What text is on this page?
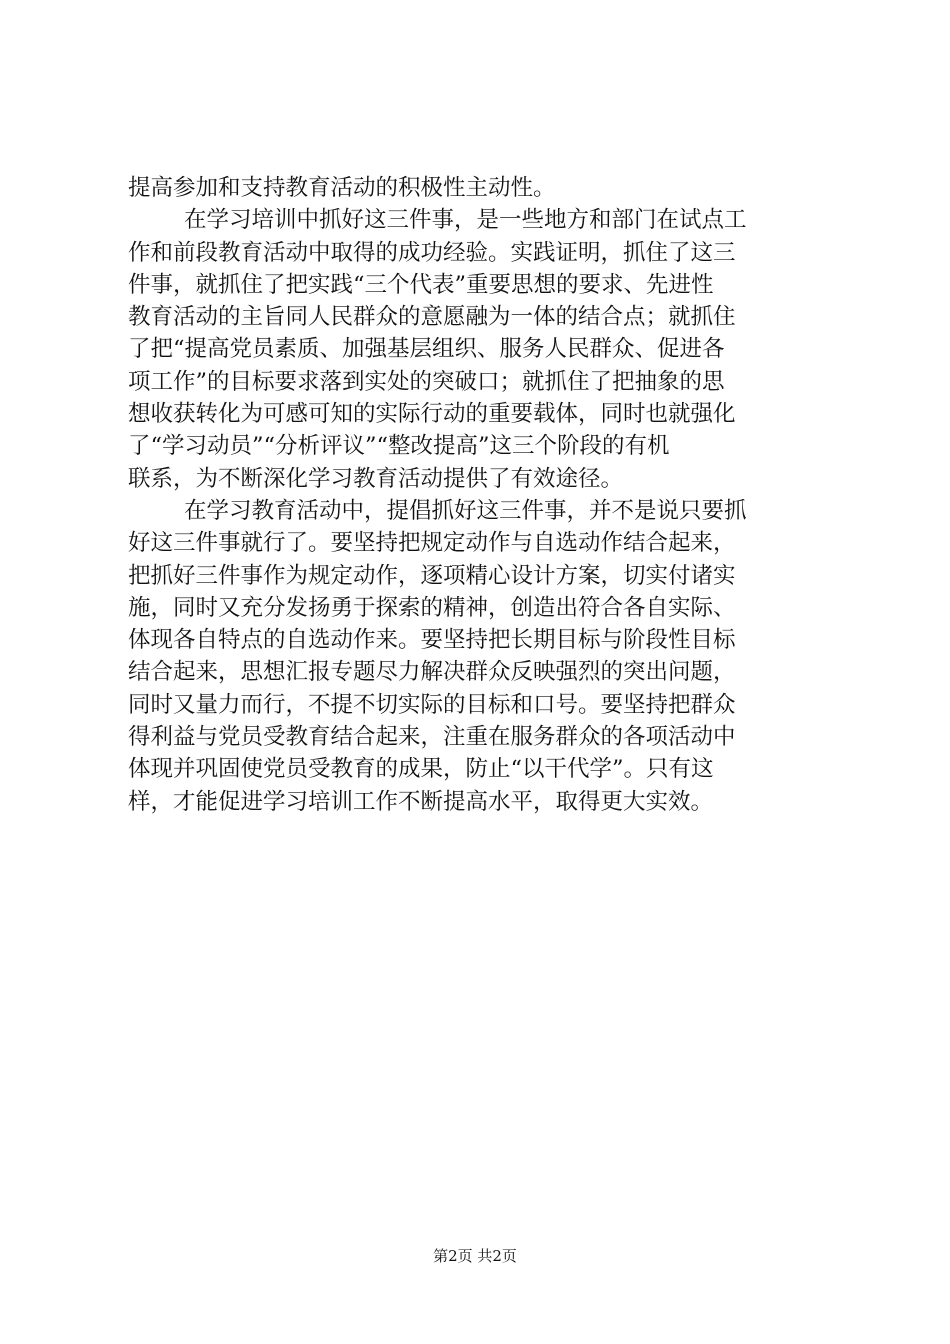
提高参加和支持教育活动的积极性主动性。
在学习培训中抓好这三件事，是一些地方和部门在试点工
作和前段教育活动中取得的成功经验。实践证明，抓住了这三
件事，就抓住了把实践“三个代表”重要思想的要求、先进性
教育活动的主旨同人民群众的意愿融为一体的结合点；就抓住
了把“提高党员素质、加强基层组织、服务人民群众、促进各
项工作”的目标要求落到实处的突破口；就抓住了把抽象的思
想收获转化为可感可知的实际行动的重要载体，同时也就强化
了“学习动员”“分析评议”“整改提高”这三个阶段的有机
联系，为不断深化学习教育活动提供了有效途径。
在学习教育活动中，提倡抓好这三件事，并不是说只要抓
好这三件事就行了。要坚持把规定动作与自选动作结合起来，
把抓好三件事作为规定动作，逐项精心设计方案，切实付诸实
施，同时又充分发扬勇于探索的精神，创造出符合各自实际、
体现各自特点的自选动作来。要坚持把长期目标与阶段性目标
结合起来，思想汇报专题尽力解决群众反映强烈的突出问题，
同时又量力而行，不提不切实际的目标和口号。要坚持把群众
得利益与党员受教育结合起来，注重在服务群众的各项活动中
体现并巩固使党员受教育的成果，防止“以干代学”。只有这
样，才能促进学习培训工作不断提高水平，取得更大实效。
第2页 共2页
